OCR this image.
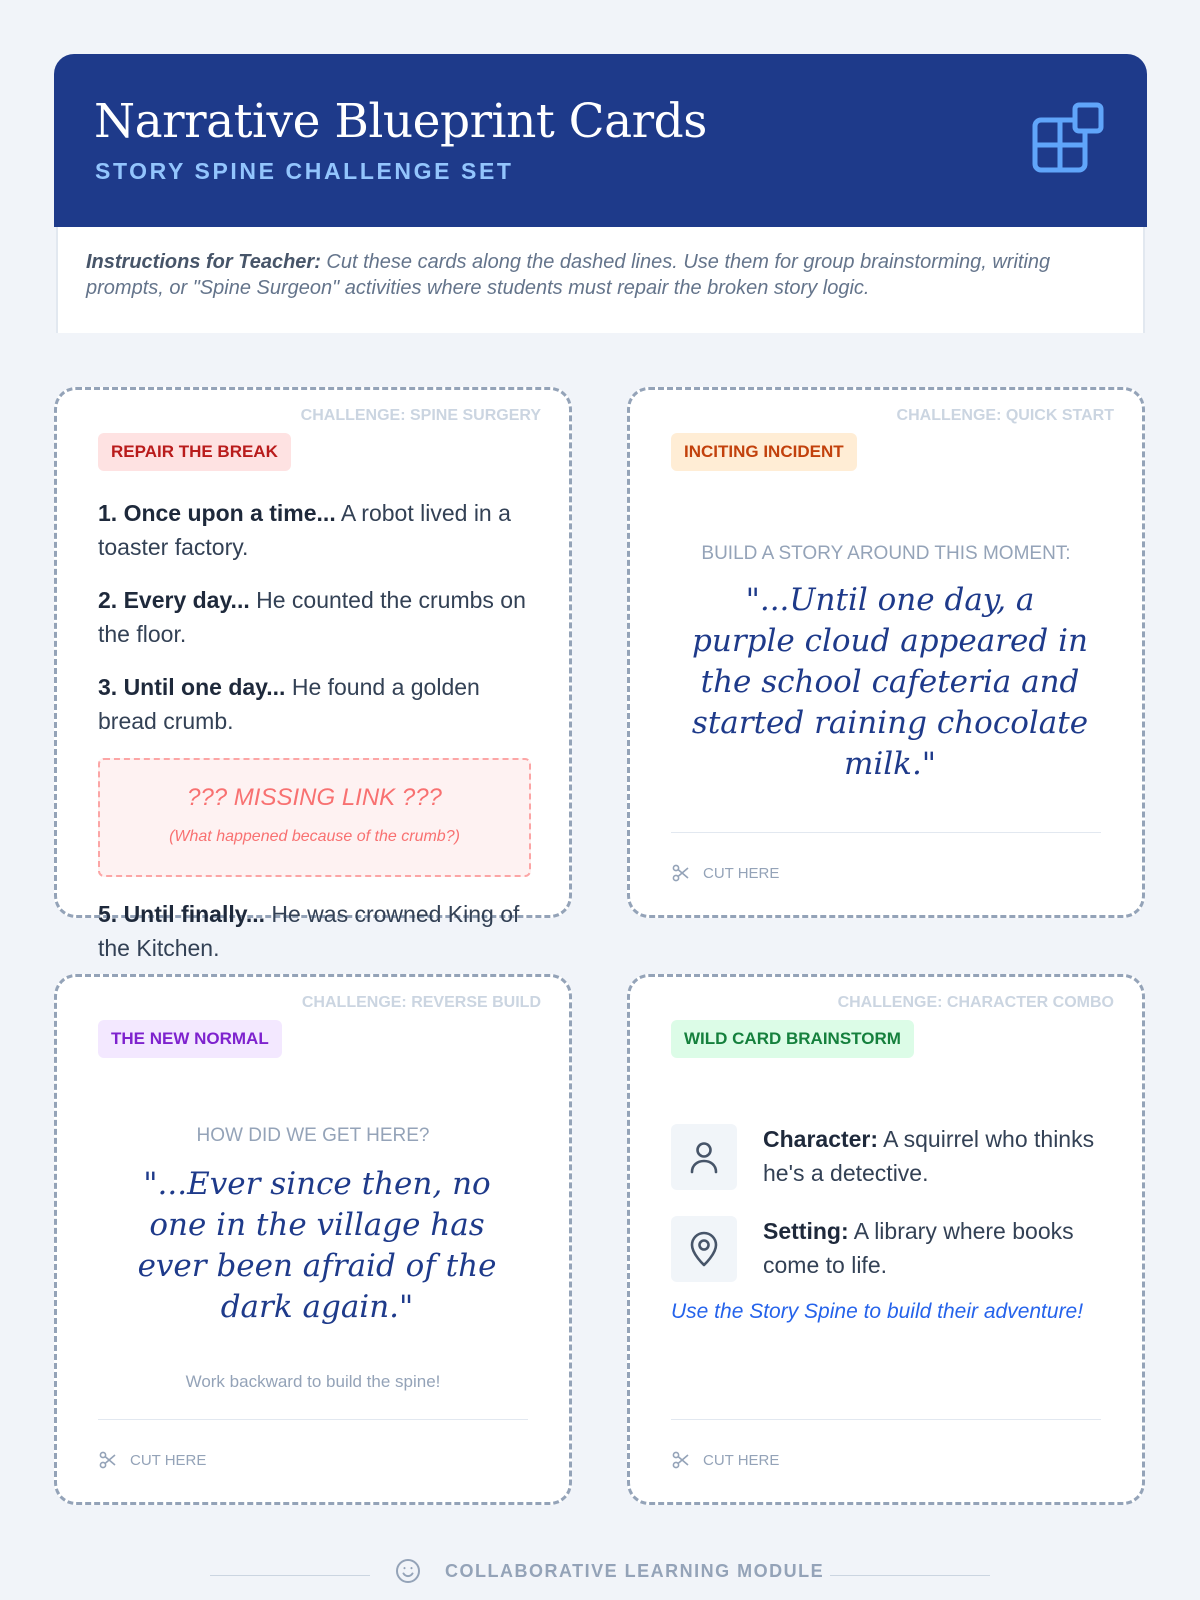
Narrative Blueprint Cards
STORY SPINE CHALLENGE SET
Instructions for Teacher: Cut these cards along the dashed lines. Use them for group brainstorming, writing prompts, or "Spine Surgeon" activities where students must repair the broken story logic.
CHALLENGE: SPINE SURGERY
REPAIR THE BREAK
1. Once upon a time... A robot lived in a toaster factory.
2. Every day... He counted the crumbs on the floor.
3. Until one day... He found a golden bread crumb.
??? MISSING LINK ???
(What happened because of the crumb?)
5. Until finally... He was crowned King of the Kitchen.
CHALLENGE: QUICK START
INCITING INCIDENT
BUILD A STORY AROUND THIS MOMENT:
"...Until one day, a purple cloud appeared in the school cafeteria and started raining chocolate milk."
CUT HERE
CHALLENGE: REVERSE BUILD
THE NEW NORMAL
HOW DID WE GET HERE?
"...Ever since then, no one in the village has ever been afraid of the dark again."
Work backward to build the spine!
CUT HERE
CHALLENGE: CHARACTER COMBO
WILD CARD BRAINSTORM
Character: A squirrel who thinks he's a detective.
Setting: A library where books come to life.
Use the Story Spine to build their adventure!
CUT HERE
COLLABORATIVE LEARNING MODULE
